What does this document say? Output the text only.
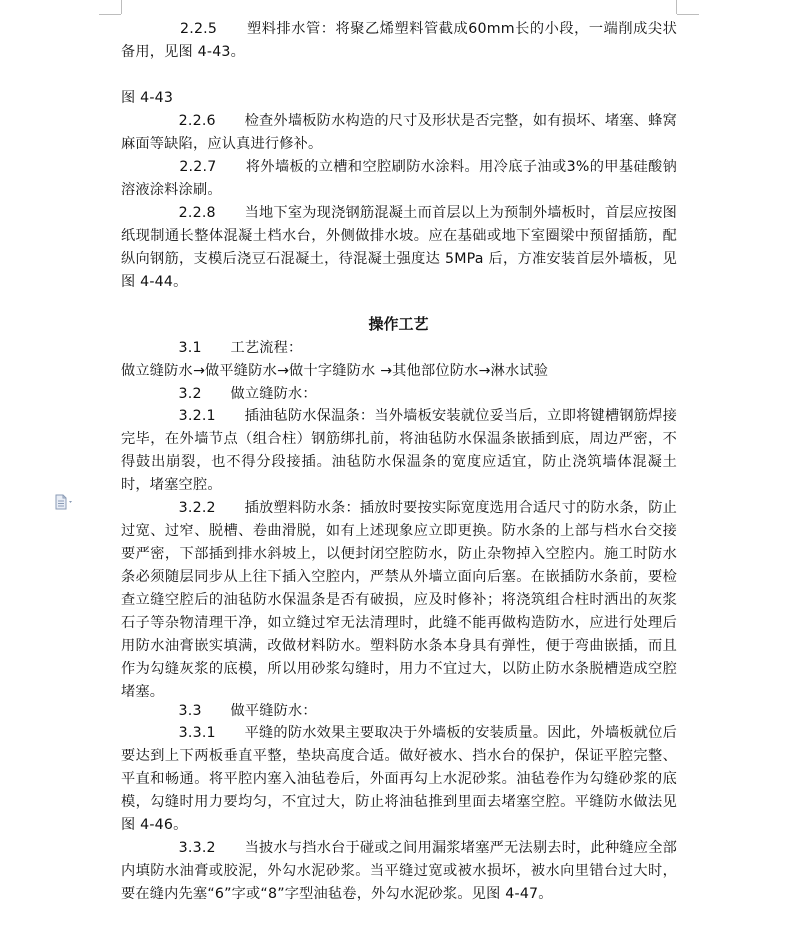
　　　　2.2.5　　塑料排水管：将聚乙烯塑料管截成60mm长的小段，一端削成尖状备用，见图 4-43。

图 4-43

　　　　2.2.6　　检查外墙板防水构造的尺寸及形状是否完整，如有损坏、堵塞、蜂窝麻面等缺陷，应认真进行修补。

　　　　2.2.7　　将外墙板的立槽和空腔刷防水涂料。用冷底子油或3%的甲基硅酸钠溶液涂料涂刷。

　　　　2.2.8　　当地下室为现浇钢筋混凝土而首层以上为预制外墙板时，首层应按图纸现制通长整体混凝土档水台，外侧做排水坡。应在基础或地下室圈梁中预留插筋，配纵向钢筋，支模后浇豆石混凝土，待混凝土强度达 5MPa 后，方准安装首层外墙板，见图 4-44。

操作工艺

　　　　3.1　　工艺流程：

做立缝防水→做平缝防水→做十字缝防水 →其他部位防水→淋水试验

　　　　3.2　　做立缝防水：

　　　　3.2.1　　插油毡防水保温条：当外墙板安装就位妥当后，立即将键槽钢筋焊接完毕，在外墙节点（组合柱）钢筋绑扎前，将油毡防水保温条嵌插到底，周边严密，不得鼓出崩裂，也不得分段接插。油毡防水保温条的宽度应适宜，防止浇筑墙体混凝土时，堵塞空腔。

　　　　3.2.2　　插放塑料防水条：插放时要按实际宽度选用合适尺寸的防水条，防止过宽、过窄、脱槽、卷曲滑脱，如有上述现象应立即更换。防水条的上部与档水台交接要严密，下部插到排水斜坡上，以便封闭空腔防水，防止杂物掉入空腔内。施工时防水条必须随层同步从上往下插入空腔内，严禁从外墙立面向后塞。在嵌插防水条前，要检查立缝空腔后的油毡防水保温条是否有破损，应及时修补；将浇筑组合柱时洒出的灰浆石子等杂物清理干净，如立缝过窄无法清理时，此缝不能再做构造防水，应进行处理后用防水油膏嵌实填满，改做材料防水。塑料防水条本身具有弹性，便于弯曲嵌插，而且作为勾缝灰浆的底模，所以用砂浆勾缝时，用力不宜过大，以防止防水条脱槽造成空腔堵塞。

　　　　3.3　　做平缝防水：

　　　　3.3.1　　平缝的防水效果主要取决于外墙板的安装质量。因此，外墙板就位后要达到上下两板垂直平整，垫块高度合适。做好被水、挡水台的保护，保证平腔完整、平直和畅通。将平腔内塞入油毡卷后，外面再勾上水泥砂浆。油毡卷作为勾缝砂浆的底模，勾缝时用力要均匀，不宜过大，防止将油毡推到里面去堵塞空腔。平缝防水做法见图 4-46。

　　　　3.3.2　　当披水与挡水台于碰或之间用漏浆堵塞严无法剔去时，此种缝应全部内填防水油膏或胶泥，外勾水泥砂浆。当平缝过宽或被水损坏，被水向里错台过大时，要在缝内先塞“6”字或“8”字型油毡卷，外勾水泥砂浆。见图 4-47。
